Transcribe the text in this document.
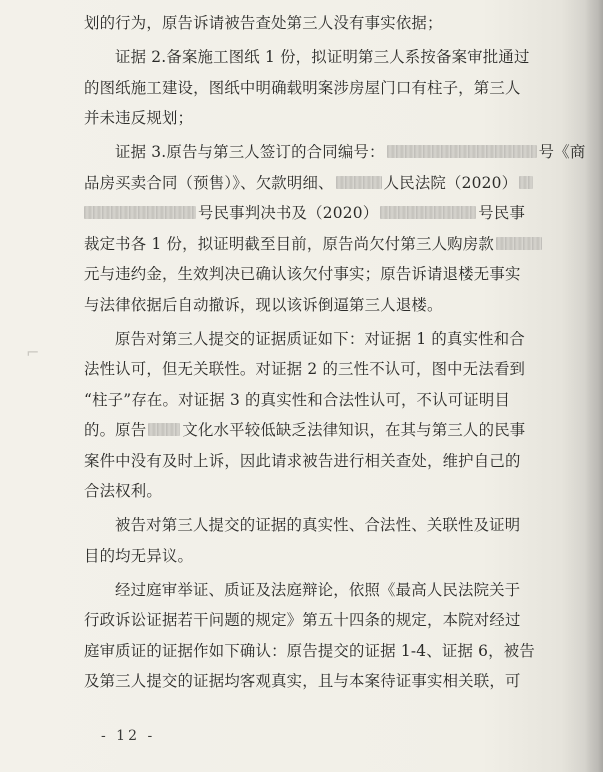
⌐
划的行为，原告诉请被告查处第三人没有事实依据；
证据 2.备案施工图纸 1 份，拟证明第三人系按备案审批通过
的图纸施工建设，图纸中明确载明案涉房屋门口有柱子，第三人
并未违反规划；
证据 3.原告与第三人签订的合同编号：	号《商
品房买卖合同（预售）》、欠款明细、	人民法院（2020）
号民事判决书及（2020）	号民事
裁定书各 1 份，拟证明截至目前，原告尚欠付第三人购房款
元与违约金，生效判决已确认该欠付事实；原告诉请退楼无事实
与法律依据后自动撤诉，现以该诉倒逼第三人退楼。
原告对第三人提交的证据质证如下：对证据 1 的真实性和合
法性认可，但无关联性。对证据 2 的三性不认可，图中无法看到
“柱子”存在。对证据 3 的真实性和合法性认可，不认可证明目
的。原告 文化水平较低缺乏法律知识，在其与第三人的民事
案件中没有及时上诉，因此请求被告进行相关查处，维护自己的
合法权利。
被告对第三人提交的证据的真实性、合法性、关联性及证明
目的均无异议。
经过庭审举证、质证及法庭辩论，依照《最高人民法院关于
行政诉讼证据若干问题的规定》第五十四条的规定，本院对经过
庭审质证的证据作如下确认：原告提交的证据 1-4、证据 6，被告
及第三人提交的证据均客观真实，且与本案待证事实相关联，可
- 12 -
